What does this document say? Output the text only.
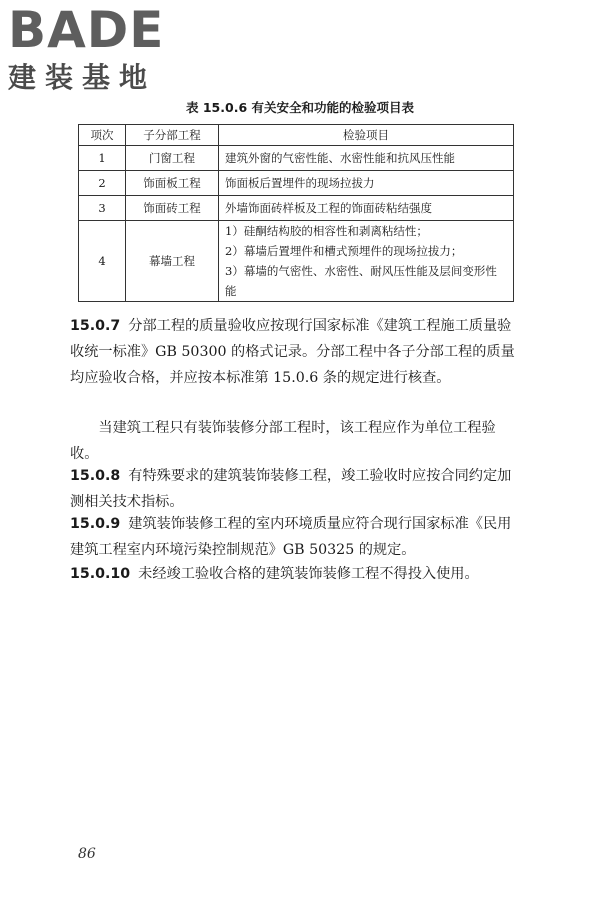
BADE
建装基地
表 15.0.6 有关安全和功能的检验项目表
项次	子分部工程	检验项目
1	门窗工程	建筑外窗的气密性能、水密性能和抗风压性能
2	饰面板工程	饰面板后置埋件的现场拉拔力
3	饰面砖工程	外墙饰面砖样板及工程的饰面砖粘结强度
4	幕墙工程	1）硅酮结构胶的相容性和剥离粘结性；
2）幕墙后置埋件和槽式预埋件的现场拉拔力；
3）幕墙的气密性、水密性、耐风压性能及层间变形性能
15.0.7 分部工程的质量验收应按现行国家标准《建筑工程施工质量验收统一标准》GB 50300 的格式记录。分部工程中各子分部工程的质量均应验收合格，并应按本标准第 15.0.6 条的规定进行核查。
当建筑工程只有装饰装修分部工程时，该工程应作为单位工程验收。
15.0.8 有特殊要求的建筑装饰装修工程，竣工验收时应按合同约定加测相关技术指标。
15.0.9 建筑装饰装修工程的室内环境质量应符合现行国家标准《民用建筑工程室内环境污染控制规范》GB 50325 的规定。
15.0.10 未经竣工验收合格的建筑装饰装修工程不得投入使用。
86
